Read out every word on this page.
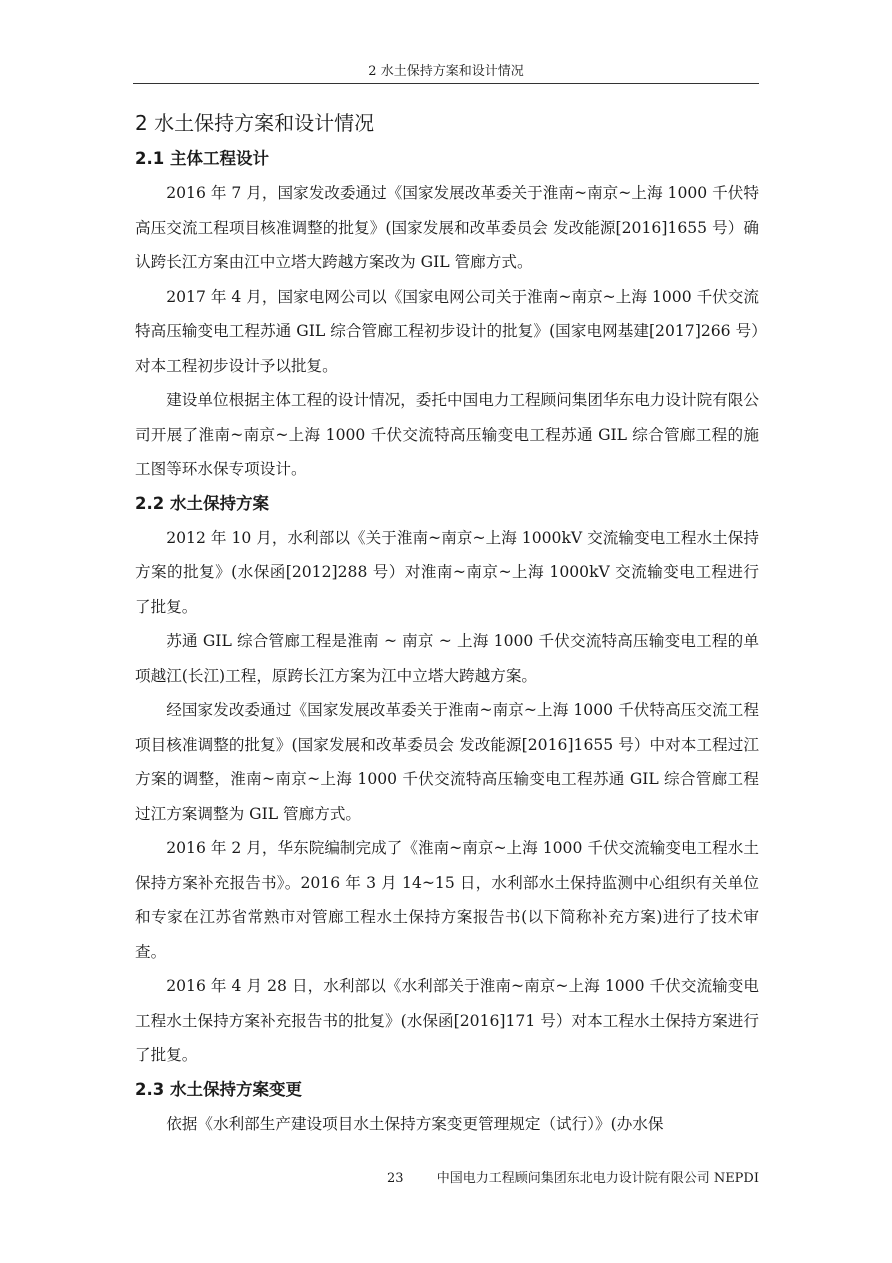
2 水土保持方案和设计情况
2 水土保持方案和设计情况
2.1 主体工程设计

2016 年 7 月，国家发改委通过《国家发展改革委关于淮南~南京~上海 1000 千伏特高压交流工程项目核准调整的批复》(国家发展和改革委员会 发改能源[2016]1655 号）确认跨长江方案由江中立塔大跨越方案改为 GIL 管廊方式。

2017 年 4 月，国家电网公司以《国家电网公司关于淮南~南京~上海 1000 千伏交流特高压输变电工程苏通 GIL 综合管廊工程初步设计的批复》(国家电网基建[2017]266 号）对本工程初步设计予以批复。

建设单位根据主体工程的设计情况，委托中国电力工程顾问集团华东电力设计院有限公司开展了淮南~南京~上海 1000 千伏交流特高压输变电工程苏通 GIL 综合管廊工程的施工图等环水保专项设计。

2.2 水土保持方案

2012 年 10 月，水利部以《关于淮南~南京~上海 1000kV 交流输变电工程水土保持方案的批复》(水保函[2012]288 号）对淮南~南京~上海 1000kV 交流输变电工程进行了批复。

苏通 GIL 综合管廊工程是淮南 ~ 南京 ~ 上海 1000 千伏交流特高压输变电工程的单项越江(长江)工程，原跨长江方案为江中立塔大跨越方案。

经国家发改委通过《国家发展改革委关于淮南~南京~上海 1000 千伏特高压交流工程项目核准调整的批复》(国家发展和改革委员会 发改能源[2016]1655 号）中对本工程过江方案的调整，淮南~南京~上海 1000 千伏交流特高压输变电工程苏通 GIL 综合管廊工程过江方案调整为 GIL 管廊方式。

2016 年 2 月，华东院编制完成了《淮南~南京~上海 1000 千伏交流输变电工程水土保持方案补充报告书》。2016 年 3 月 14~15 日，水利部水土保持监测中心组织有关单位和专家在江苏省常熟市对管廊工程水土保持方案报告书(以下简称补充方案)进行了技术审查。

2016 年 4 月 28 日，水利部以《水利部关于淮南~南京~上海 1000 千伏交流输变电工程水土保持方案补充报告书的批复》(水保函[2016]171 号）对本工程水土保持方案进行了批复。

2.3 水土保持方案变更

依据《水利部生产建设项目水土保持方案变更管理规定（试行）》(办水保

23	中国电力工程顾问集团东北电力设计院有限公司 NEPDI
